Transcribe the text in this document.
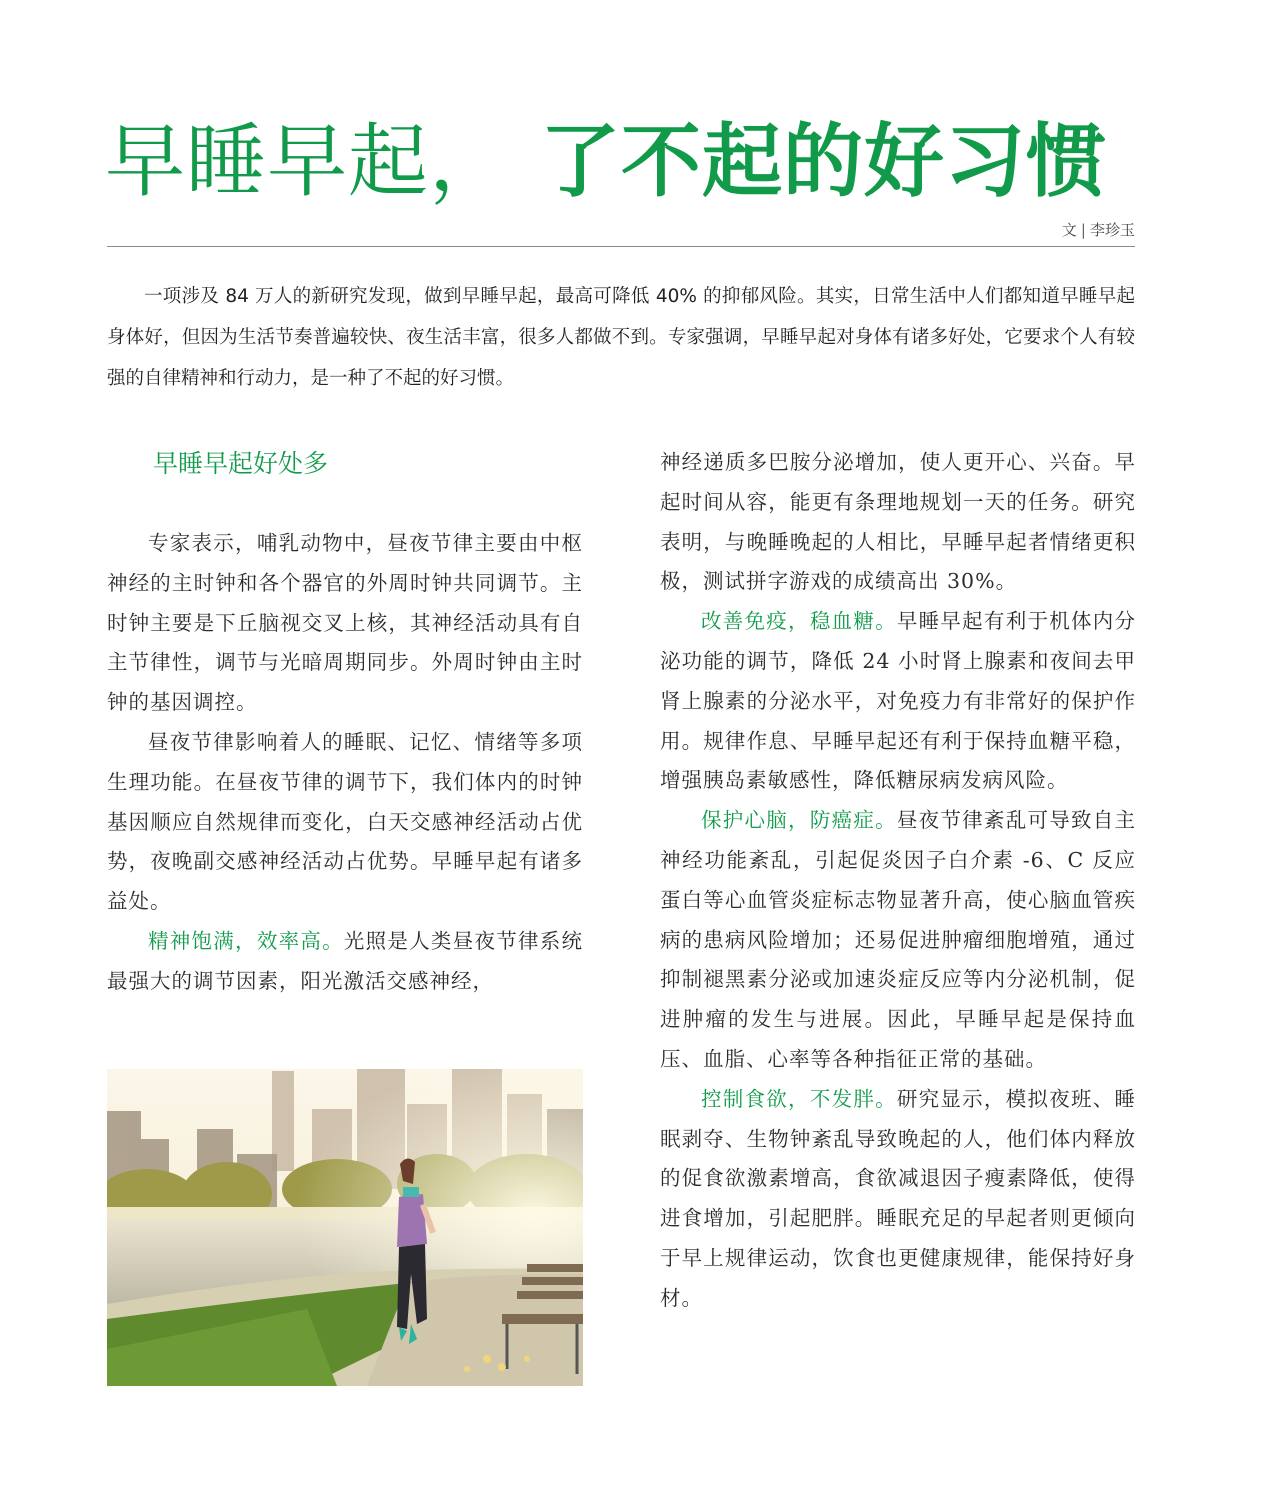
早睡早起， 了不起的好习惯
文 | 李珍玉

一项涉及 84 万人的新研究发现，做到早睡早起，最高可降低 40% 的抑郁风险。其实，日常生活中人们都知道早睡早起身体好，但因为生活节奏普遍较快、夜生活丰富，很多人都做不到。专家强调，早睡早起对身体有诸多好处，它要求个人有较强的自律精神和行动力，是一种了不起的好习惯。

早睡早起好处多

专家表示，哺乳动物中，昼夜节律主要由中枢神经的主时钟和各个器官的外周时钟共同调节。主时钟主要是下丘脑视交叉上核，其神经活动具有自主节律性，调节与光暗周期同步。外周时钟由主时钟的基因调控。

昼夜节律影响着人的睡眠、记忆、情绪等多项生理功能。在昼夜节律的调节下，我们体内的时钟基因顺应自然规律而变化，白天交感神经活动占优势，夜晚副交感神经活动占优势。早睡早起有诸多益处。

精神饱满，效率高。光照是人类昼夜节律系统最强大的调节因素，阳光激活交感神经，

神经递质多巴胺分泌增加，使人更开心、兴奋。早起时间从容，能更有条理地规划一天的任务。研究表明，与晚睡晚起的人相比，早睡早起者情绪更积极，测试拼字游戏的成绩高出 30%。

改善免疫，稳血糖。早睡早起有利于机体内分泌功能的调节，降低 24 小时肾上腺素和夜间去甲肾上腺素的分泌水平，对免疫力有非常好的保护作用。规律作息、早睡早起还有利于保持血糖平稳，增强胰岛素敏感性，降低糖尿病发病风险。

保护心脑，防癌症。昼夜节律紊乱可导致自主神经功能紊乱，引起促炎因子白介素 -6、C 反应蛋白等心血管炎症标志物显著升高，使心脑血管疾病的患病风险增加；还易促进肿瘤细胞增殖，通过抑制褪黑素分泌或加速炎症反应等内分泌机制，促进肿瘤的发生与进展。因此，早睡早起是保持血压、血脂、心率等各种指征正常的基础。

控制食欲，不发胖。研究显示，模拟夜班、睡眠剥夺、生物钟紊乱导致晚起的人，他们体内释放的促食欲激素增高，食欲减退因子瘦素降低，使得进食增加，引起肥胖。睡眠充足的早起者则更倾向于早上规律运动，饮食也更健康规律，能保持好身材。
